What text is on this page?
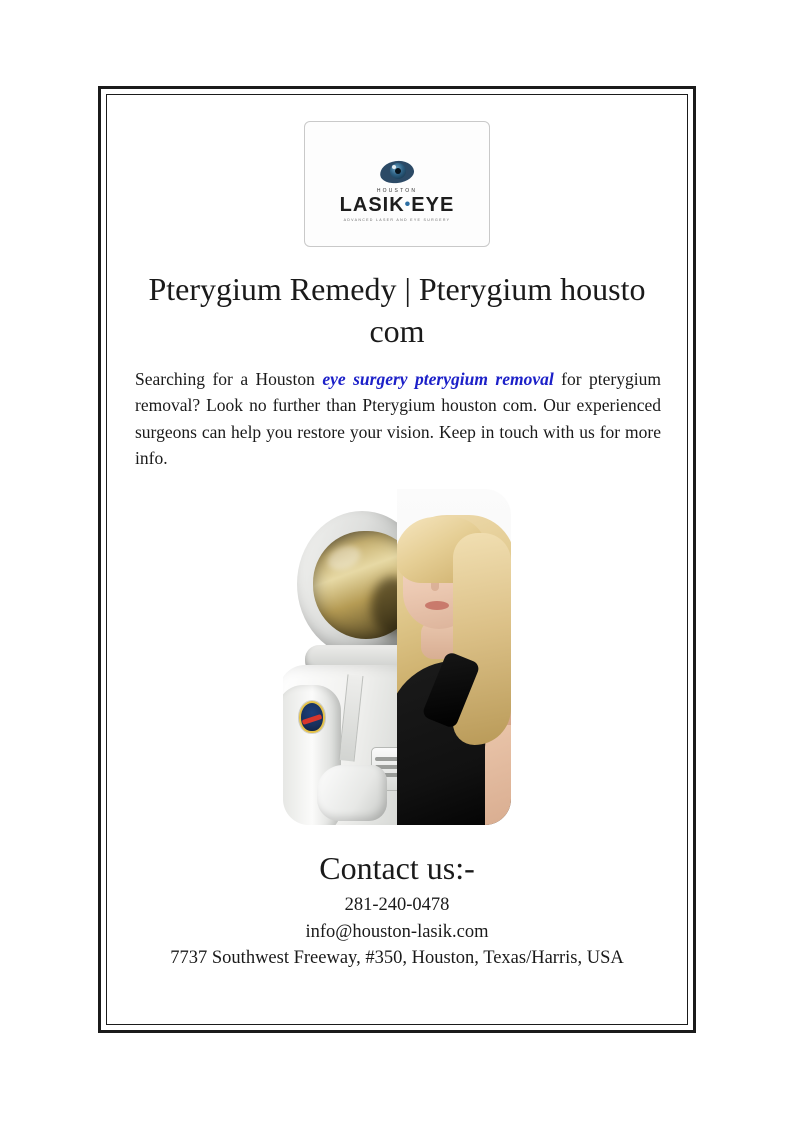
HOUSTON
LASIK•EYE
ADVANCED LASER AND EYE SURGERY
Pterygium Remedy | Pterygium housto com

Searching for a Houston eye surgery pterygium removal for pterygium removal? Look no further than Pterygium houston com. Our experienced surgeons can help you restore your vision. Keep in touch with us for more info.

Contact us:-
281-240-0478
info@houston-lasik.com
7737 Southwest Freeway, #350, Houston, Texas/Harris, USA
